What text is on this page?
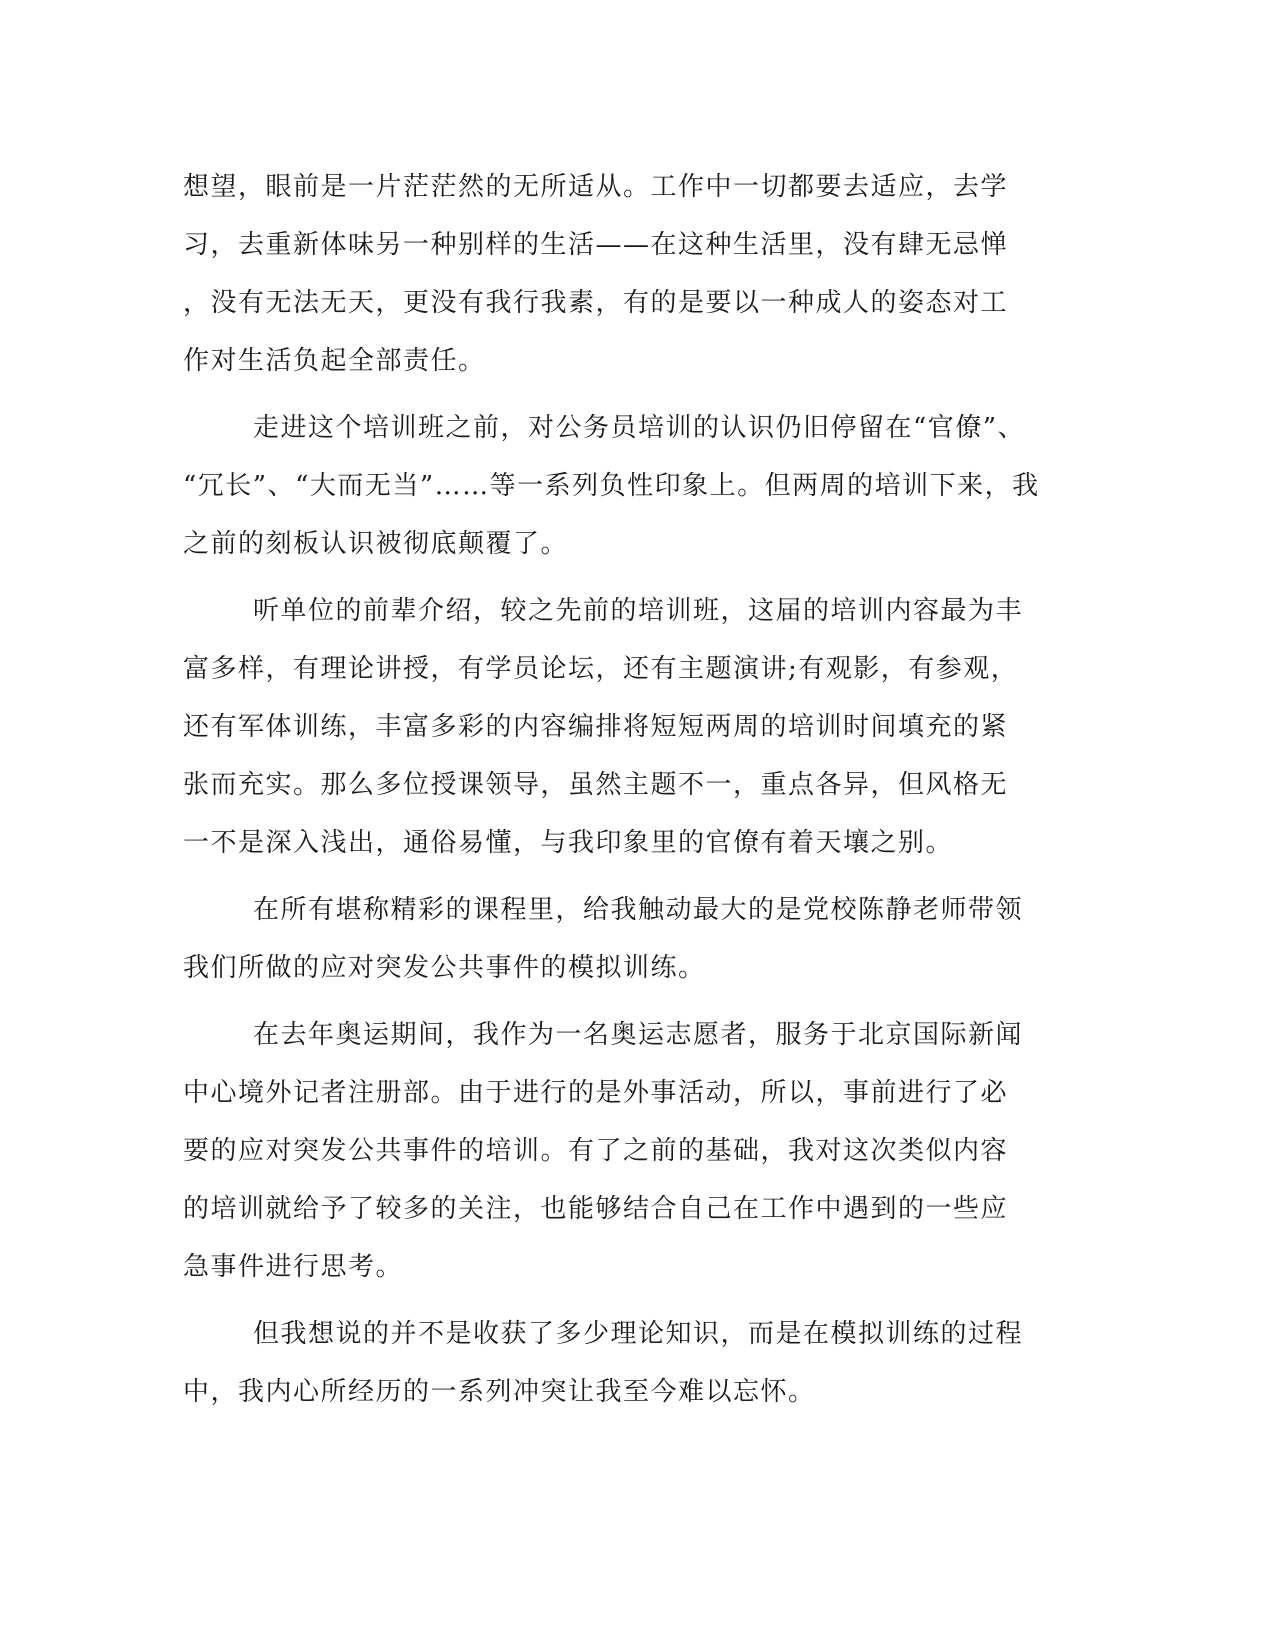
想望，眼前是一片茫茫然的无所适从。工作中一切都要去适应，去学
习，去重新体味另一种别样的生活——在这种生活里，没有肆无忌惮
，没有无法无天，更没有我行我素，有的是要以一种成人的姿态对工
作对生活负起全部责任。
走进这个培训班之前，对公务员培训的认识仍旧停留在“官僚”、
“冗长”、“大而无当”……等一系列负性印象上。但两周的培训下来，我
之前的刻板认识被彻底颠覆了。
听单位的前辈介绍，较之先前的培训班，这届的培训内容最为丰
富多样，有理论讲授，有学员论坛，还有主题演讲;有观影，有参观，
还有军体训练，丰富多彩的内容编排将短短两周的培训时间填充的紧
张而充实。那么多位授课领导，虽然主题不一，重点各异，但风格无
一不是深入浅出，通俗易懂，与我印象里的官僚有着天壤之别。
在所有堪称精彩的课程里，给我触动最大的是党校陈静老师带领
我们所做的应对突发公共事件的模拟训练。
在去年奥运期间，我作为一名奥运志愿者，服务于北京国际新闻
中心境外记者注册部。由于进行的是外事活动，所以，事前进行了必
要的应对突发公共事件的培训。有了之前的基础，我对这次类似内容
的培训就给予了较多的关注，也能够结合自己在工作中遇到的一些应
急事件进行思考。
但我想说的并不是收获了多少理论知识，而是在模拟训练的过程
中，我内心所经历的一系列冲突让我至今难以忘怀。
